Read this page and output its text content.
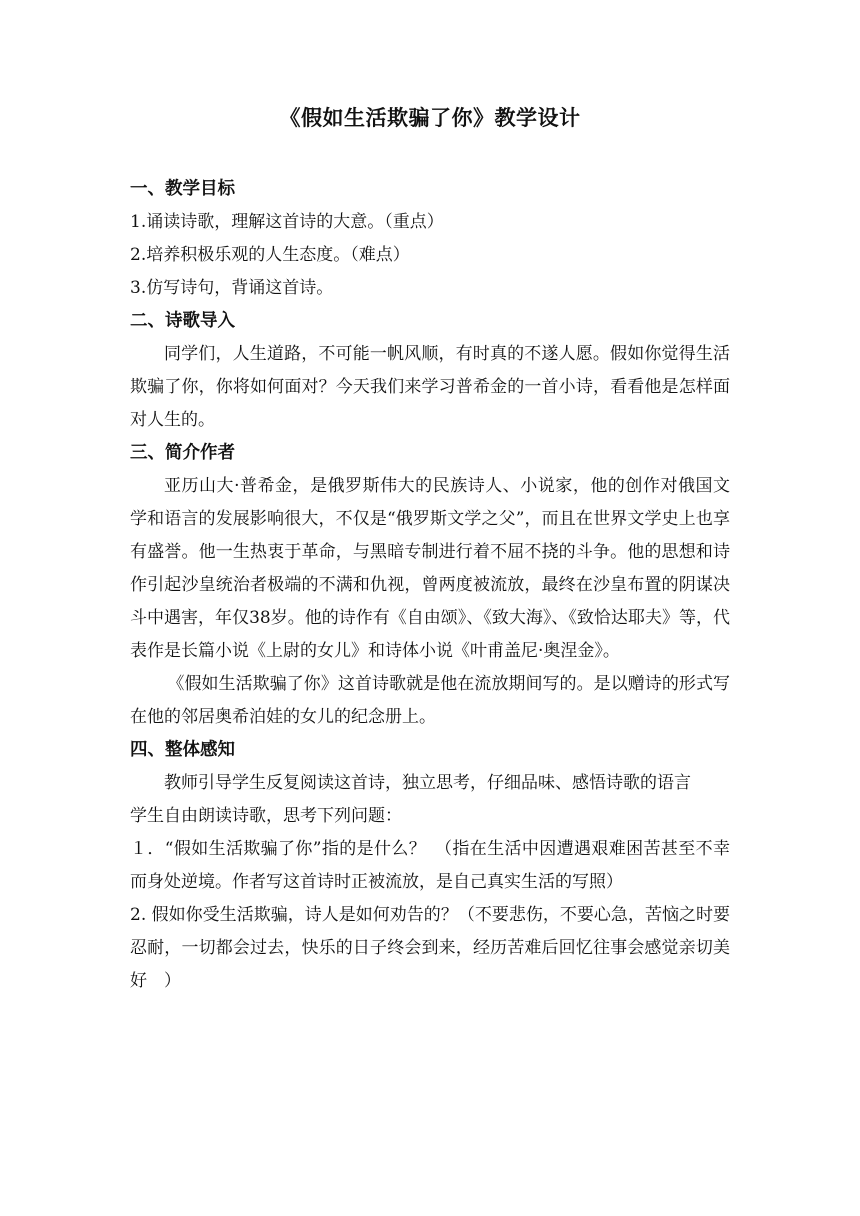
《假如生活欺骗了你》教学设计

一、教学目标

1.诵读诗歌，理解这首诗的大意。（重点）

2.培养积极乐观的人生态度。（难点）

3.仿写诗句，背诵这首诗。

二、诗歌导入

同学们，人生道路，不可能一帆风顺，有时真的不遂人愿。假如你觉得生活欺骗了你，你将如何面对？今天我们来学习普希金的一首小诗，看看他是怎样面对人生的。

三、简介作者

亚历山大·普希金，是俄罗斯伟大的民族诗人、小说家，他的创作对俄国文学和语言的发展影响很大，不仅是“俄罗斯文学之父”，而且在世界文学史上也享有盛誉。他一生热衷于革命，与黑暗专制进行着不屈不挠的斗争。他的思想和诗作引起沙皇统治者极端的不满和仇视，曾两度被流放，最终在沙皇布置的阴谋决斗中遇害，年仅38岁。他的诗作有《自由颂》、《致大海》、《致恰达耶夫》等，代表作是长篇小说《上尉的女儿》和诗体小说《叶甫盖尼·奥涅金》。

《假如生活欺骗了你》这首诗歌就是他在流放期间写的。是以赠诗的形式写在他的邻居奥希泊娃的女儿的纪念册上。

四、整体感知

教师引导学生反复阅读这首诗，独立思考，仔细品味、感悟诗歌的语言

学生自由朗读诗歌，思考下列问题：

１．“假如生活欺骗了你”指的是什么？　（指在生活中因遭遇艰难困苦甚至不幸而身处逆境。作者写这首诗时正被流放，是自己真实生活的写照）

2. 假如你受生活欺骗，诗人是如何劝告的？（不要悲伤，不要心急，苦恼之时要忍耐，一切都会过去，快乐的日子终会到来，经历苦难后回忆往事会感觉亲切美好　）
